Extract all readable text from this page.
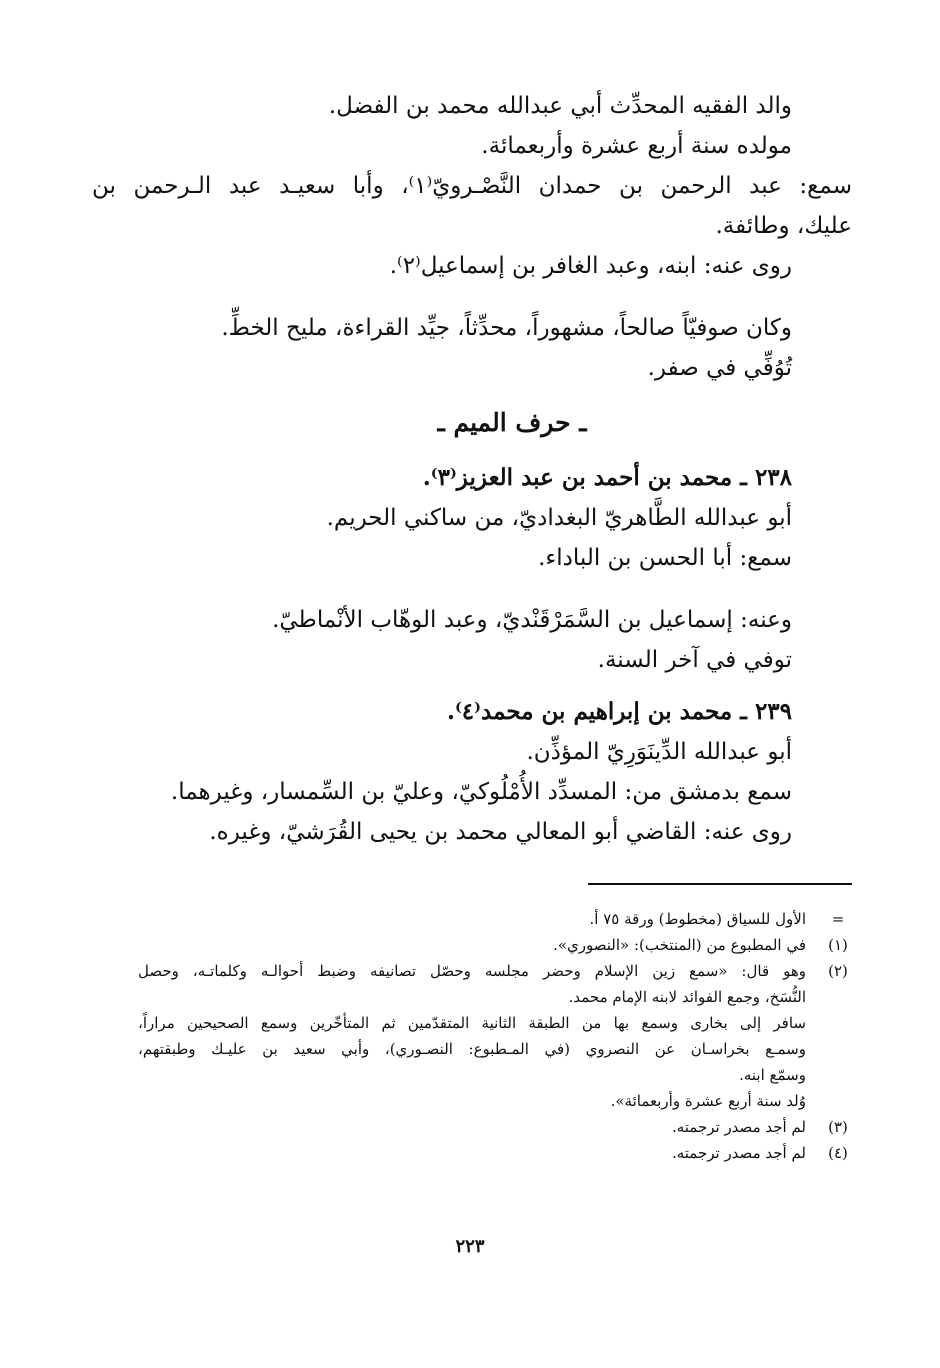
والد الفقيه المحدِّث أبي عبدالله محمد بن الفضل.
مولده سنة أربع عشرة وأربعمائة.
سمع: عبد الرحمن بن حمدان النَّصْـرويّ⁽١⁾، وأبا سعيـد عبد الـرحمن بن
عليك، وطائفة.
روى عنه: ابنه، وعبد الغافر بن إسماعيل⁽٢⁾.
وكان صوفيّاً صالحاً، مشهوراً، محدِّثاً، جيِّد القراءة، مليح الخطِّ.
تُوُفِّي في صفر.
ـ حرف الميم ـ
٢٣٨ ـ محمد بن أحمد بن عبد العزيز⁽٣⁾.
أبو عبدالله الطَّاهريّ البغداديّ، من ساكني الحريم.
سمع: أبا الحسن بن الباداء.
وعنه: إسماعيل بن السَّمَرْقَنْديّ، وعبد الوهّاب الأنْماطيّ.
توفي في آخر السنة.
٢٣٩ ـ محمد بن إبراهيم بن محمد⁽٤⁾.
أبو عبدالله الدِّينَوَرِيّ المؤذِّن.
سمع بدمشق من: المسدِّد الأُمْلُوكيّ، وعليّ بن السِّمسار، وغيرهما.
روى عنه: القاضي أبو المعالي محمد بن يحيى القُرَشيّ، وغيره.
=
الأول للسياق (مخطوط) ورقة ٧٥ أ.
(١)
في المطبوع من (المنتخب): «النصوري».
(٢)
وهو قال: «سمع زين الإسلام وحضر مجلسه وحصّل تصانيفه وضبط أحوالـه وكلماتـه، وحصل
النُّسَخ، وجمع الفوائد لابنه الإمام محمد.
سافر إلى بخارى وسمع بها من الطبقة الثانية المتقدّمين ثم المتأخّرين وسمع الصحيحين مراراً،
وسمـع بخراسـان عن النصروي (في المـطبوع: النصـوري)، وأبي سعيد بن عليـك وطبقتهم،
وسمّع ابنه.
وُلد سنة أربع عشرة وأربعمائة».
(٣)
لم أجد مصدر ترجمته.
(٤)
لم أجد مصدر ترجمته.
٢٢٣
